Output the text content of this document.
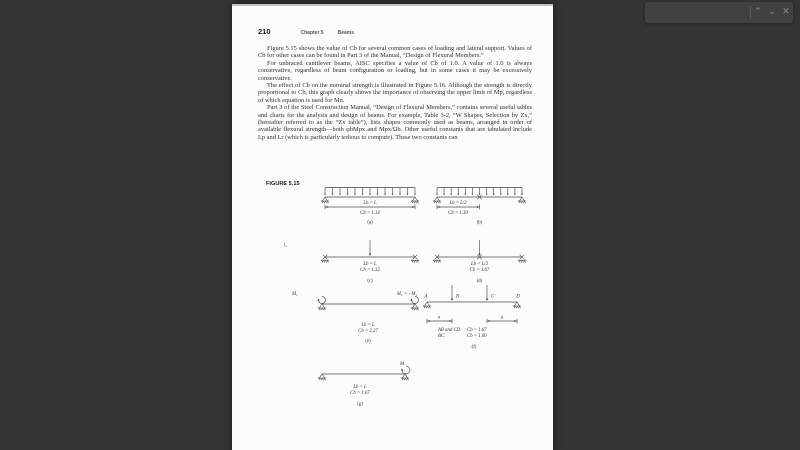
⌃ ⌄ ✕
210	Chapter 5	Beams

Figure 5.15 shows the value of Cb for several common cases of loading and lateral support. Values of Cb for other cases can be found in Part 3 of the Manual, “Design of Flexural Members.”

For unbraced cantilever beams, AISC specifies a value of Cb of 1.0. A value of 1.0 is always conservative, regardless of beam configuration or loading, but in some cases it may be excessively conservative.

The effect of Cb on the nominal strength is illustrated in Figure 5.16. Although the strength is directly proportional to Cb, this graph clearly shows the importance of observing the upper limit of Mp, regardless of which equation is used for Mn.

Part 3 of the Steel Construction Manual, “Design of Flexural Members,” contains several useful tables and charts for the analysis and design of beams. For example, Table 3-2, “W Shapes, Selection by Zx,” (hereafter referred to as the “Zx table”), lists shapes commonly used as beams, arranged in order of available flexural strength—both φbMpx and Mpx/Ωb. Other useful constants that are tabulated include Lp and Lr (which is particularly tedious to compute). These two constants can

FIGURE 5.15
l₂
Lb = L
Cb = 1.14
(a)
Lb = L/2
Cb = 1.30
(b)
Lb = L
Cb = 1.32
(c)
Lb = L/2
Cb = 1.67
(d)
M₁	M₂ = −M₁
Lb = L
Cb = 2.27
(e)
A	B	C	D
a	a
AB and CD: Cb = 1.67
BC:	Cb = 1.00
(f)
M
Lb = L
Cb = 1.67
(g)
